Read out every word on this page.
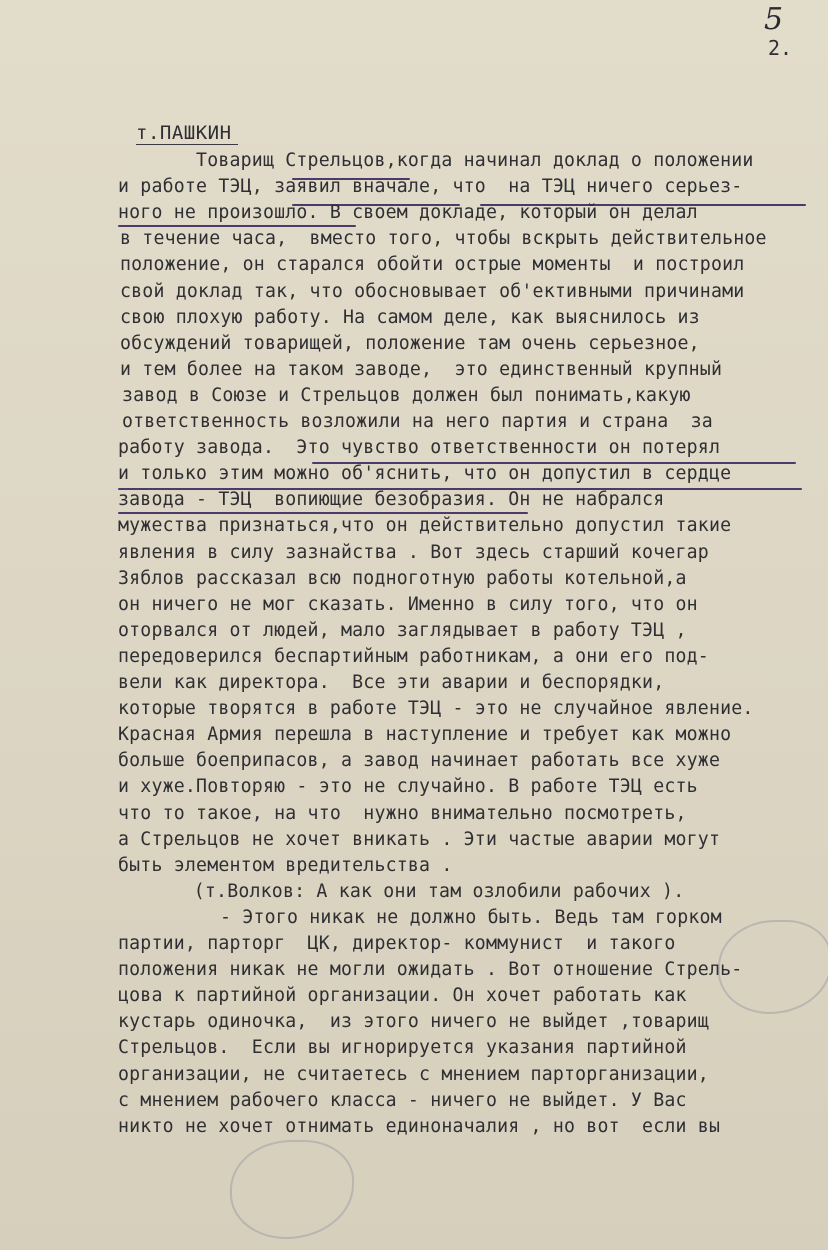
5
2.
т.ПАШКИН
Товарищ Стрельцов,когда начинал доклад о положении
и работе ТЭЦ, заявил вначале, что  на ТЭЦ ничего серьез-
ного не произошло. В своем докладе, который он делал
в течение часа,  вместо того, чтобы вскрыть действительное
положение, он старался обойти острые моменты  и построил
свой доклад так, что обосновывает об'ективными причинами
свою плохую работу. На самом деле, как выяснилось из
обсуждений товарищей, положение там очень серьезное,
и тем более на таком заводе,  это единственный крупный
завод в Союзе и Стрельцов должен был понимать,какую
ответственность возложили на него партия и страна  за
работу завода.  Это чувство ответственности он потерял
и только этим можно об'яснить, что он допустил в сердце
завода - ТЭЦ  вопиющие безобразия. Он не набрался
мужества признаться,что он действительно допустил такие
явления в силу зазнайства . Вот здесь старший кочегар
Зяблов рассказал всю подноготную работы котельной,а
он ничего не мог сказать. Именно в силу того, что он
оторвался от людей, мало заглядывает в работу ТЭЦ ,
передоверился беспартийным работникам, а они его под-
вели как директора.  Все эти аварии и беспорядки,
которые творятся в работе ТЭЦ - это не случайное явление.
Красная Армия перешла в наступление и требует как можно
больше боеприпасов, а завод начинает работать все хуже
и хуже.Повторяю - это не случайно. В работе ТЭЦ есть
что то такое, на что  нужно внимательно посмотреть,
а Стрельцов не хочет вникать . Эти частые аварии могут
быть элементом вредительства .
(т.Волков: А как они там озлобили рабочих ).
- Этого никак не должно быть. Ведь там горком
партии, парторг  ЦК, директор- коммунист  и такого
положения никак не могли ожидать . Вот отношение Стрель-
цова к партийной организации. Он хочет работать как
кустарь одиночка,  из этого ничего не выйдет ,товарищ
Стрельцов.  Если вы игнорируется указания партийной
организации, не считаетесь с мнением парторганизации,
с мнением рабочего класса - ничего не выйдет. У Вас
никто не хочет отнимать единоначалия , но вот  если вы
